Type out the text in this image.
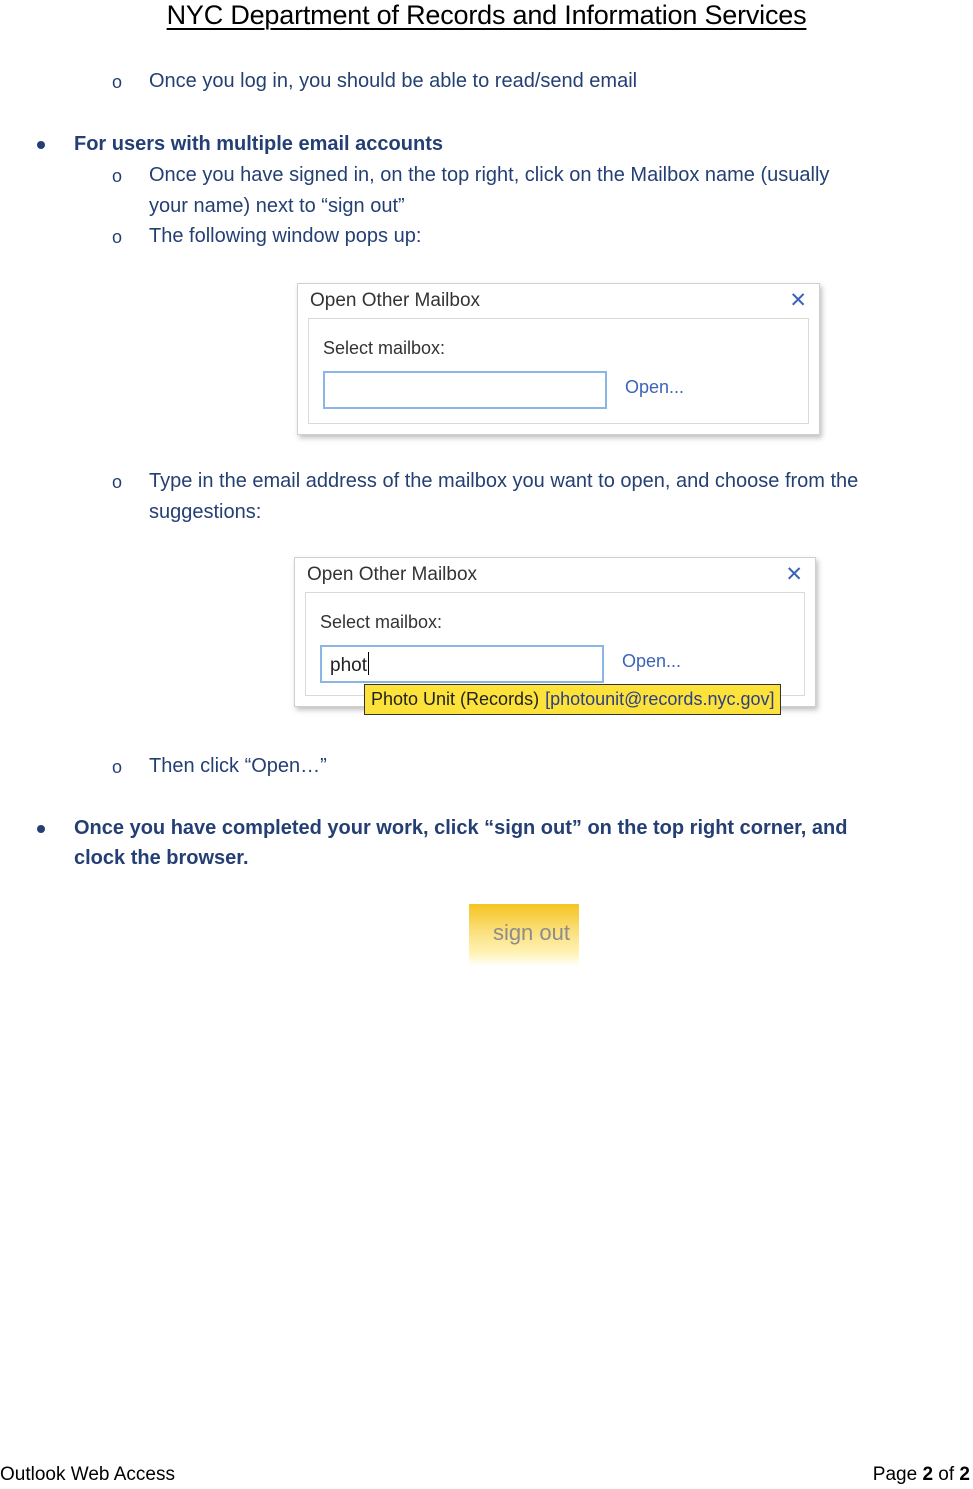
NYC Department of Records and Information Services
o Once you log in, you should be able to read/send email
For users with multiple email accounts
o Once you have signed in, on the top right, click on the Mailbox name (usually
your name) next to “sign out”
o The following window pops up:
Open Other Mailbox	✕
Select mailbox:
Open...
o Type in the email address of the mailbox you want to open, and choose from the
suggestions:
Open Other Mailbox	✕
Select mailbox:
phot	Open...
Photo Unit (Records) [photounit@records.nyc.gov]
o Then click “Open…”
Once you have completed your work, click “sign out” on the top right corner, and
clock the browser.
sign out
Outlook Web Access	Page 2 of 2
